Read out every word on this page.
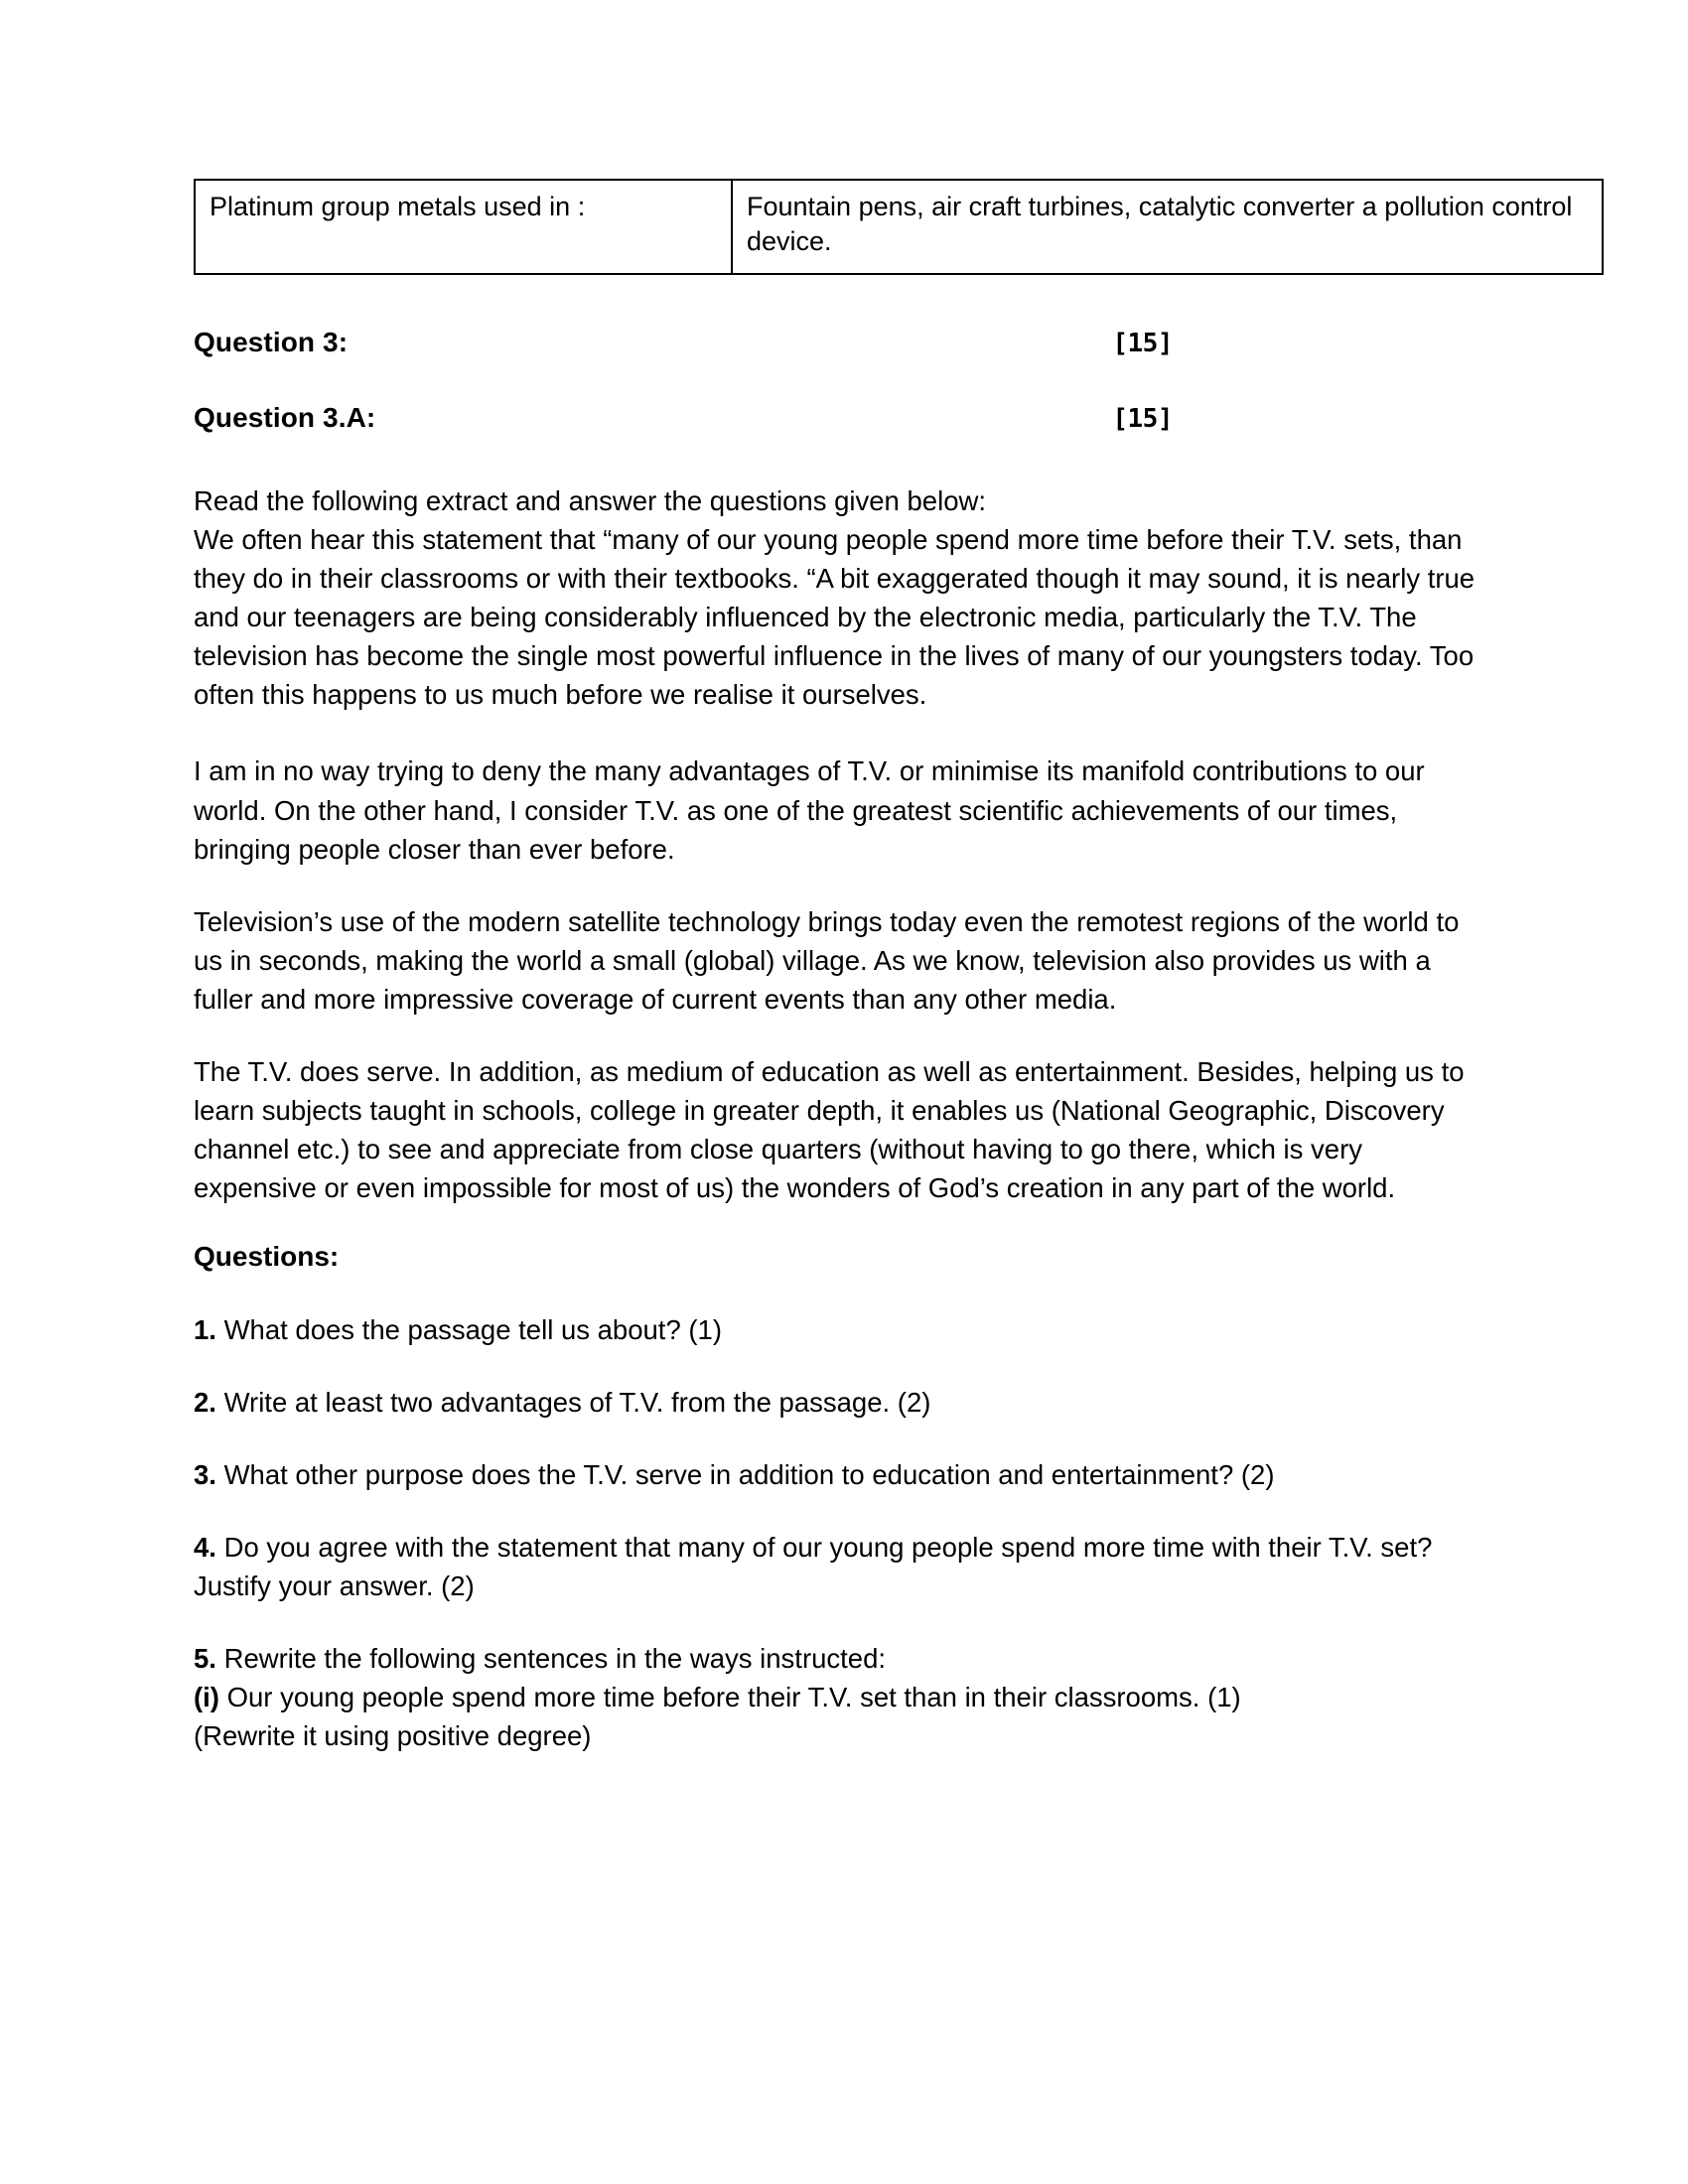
Platinum group metals used in :	Fountain pens, air craft turbines, catalytic converter a pollution control device.
Question 3:	[15]
Question 3.A:	[15]

Read the following extract and answer the questions given below:

We often hear this statement that “many of our young people spend more time before their T.V. sets, than they do in their classrooms or with their textbooks. “A bit exaggerated though it may sound, it is nearly true and our teenagers are being considerably influenced by the electronic media, particularly the T.V. The television has become the single most powerful influence in the lives of many of our youngsters today. Too often this happens to us much before we realise it ourselves.

I am in no way trying to deny the many advantages of T.V. or minimise its manifold contributions to our world. On the other hand, I consider T.V. as one of the greatest scientific achievements of our times, bringing people closer than ever before.

Television’s use of the modern satellite technology brings today even the remotest regions of the world to us in seconds, making the world a small (global) village. As we know, television also provides us with a fuller and more impressive coverage of current events than any other media.

The T.V. does serve. In addition, as medium of education as well as entertainment. Besides, helping us to learn subjects taught in schools, college in greater depth, it enables us (National Geographic, Discovery channel etc.) to see and appreciate from close quarters (without having to go there, which is very expensive or even impossible for most of us) the wonders of God’s creation in any part of the world.

Questions:
1. What does the passage tell us about? (1)
2. Write at least two advantages of T.V. from the passage. (2)
3. What other purpose does the T.V. serve in addition to education and entertainment? (2)
4. Do you agree with the statement that many of our young people spend more time with their T.V. set? Justify your answer. (2)
5. Rewrite the following sentences in the ways instructed:
(i) Our young people spend more time before their T.V. set than in their classrooms. (1)
(Rewrite it using positive degree)
